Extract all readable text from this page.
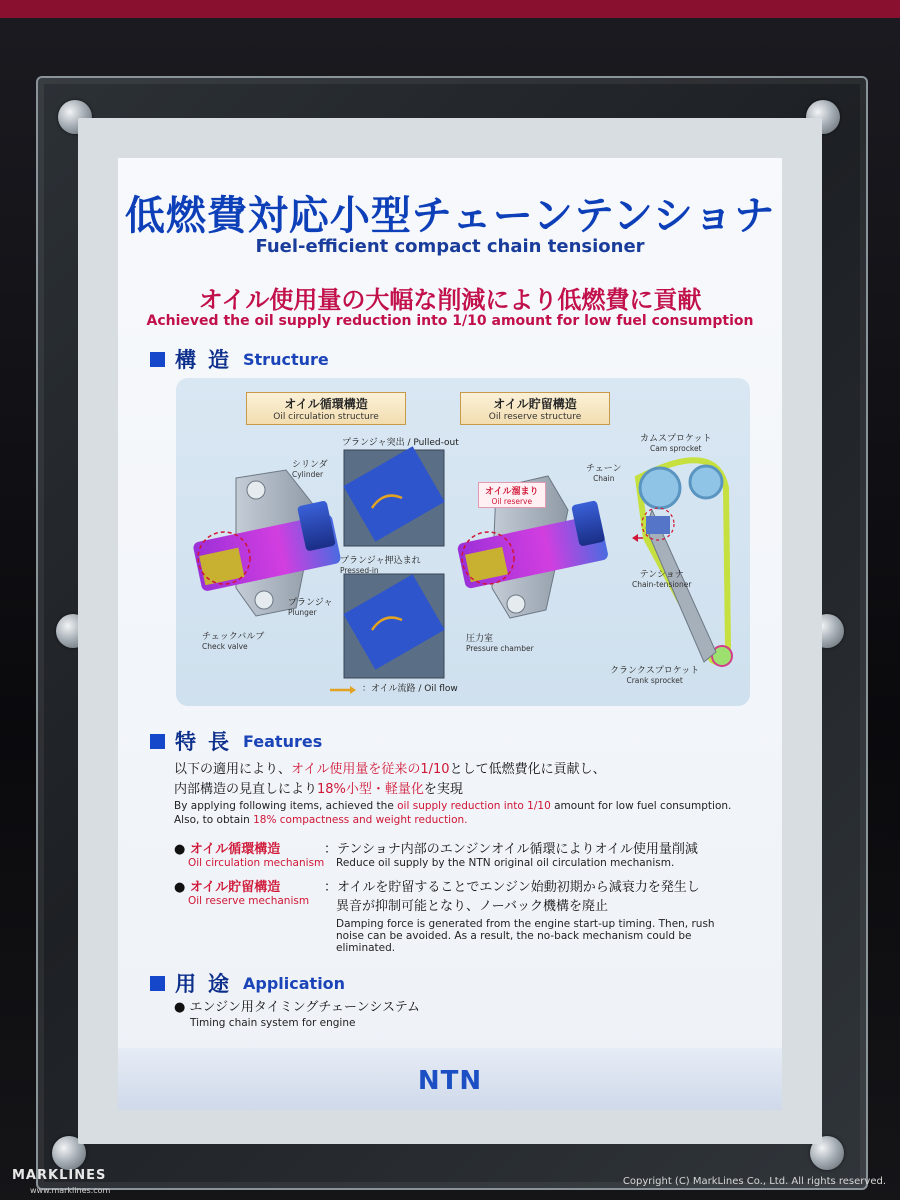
低燃費対応小型チェーンテンショナ
Fuel-efficient compact chain tensioner
オイル使用量の大幅な削減により低燃費に貢献
Achieved the oil supply reduction into 1/10 amount for low fuel consumption
構造 Structure
オイル循環構造
Oil circulation structure
オイル貯留構造
Oil reserve structure
シリンダ
Cylinder
プランジャ
Plunger
チェックバルブ
Check valve
プランジャ突出 / Pulled-out
プランジャ押込まれ
Pressed-in
：オイル流路 / Oil flow
オイル溜まり
Oil reserve
圧力室
Pressure chamber
カムスプロケット
Cam sprocket
チェーン
Chain
テンショナ
Chain-tensioner
クランクスプロケット
Crank sprocket
特長 Features
以下の適用により、オイル使用量を従来の1/10として低燃費化に貢献し、
内部構造の見直しにより18%小型・軽量化を実現
By applying following items, achieved the oil supply reduction into 1/10 amount for low fuel consumption.
Also, to obtain 18% compactness and weight reduction.
● オイル循環構造
Oil circulation mechanism
：テンショナ内部のエンジンオイル循環によりオイル使用量削減
Reduce oil supply by the NTN original oil circulation mechanism.
● オイル貯留構造
Oil reserve mechanism
：オイルを貯留することでエンジン始動初期から減衰力を発生し
異音が抑制可能となり、ノーバック機構を廃止
Damping force is generated from the engine start-up timing. Then, rush
noise can be avoided. As a result, the no-back mechanism could be
eliminated.
用途 Application
● エンジン用タイミングチェーンシステム
Timing chain system for engine
NTN
MARKLINES
www.marklines.com
Copyright (C) MarkLines Co., Ltd. All rights reserved.
